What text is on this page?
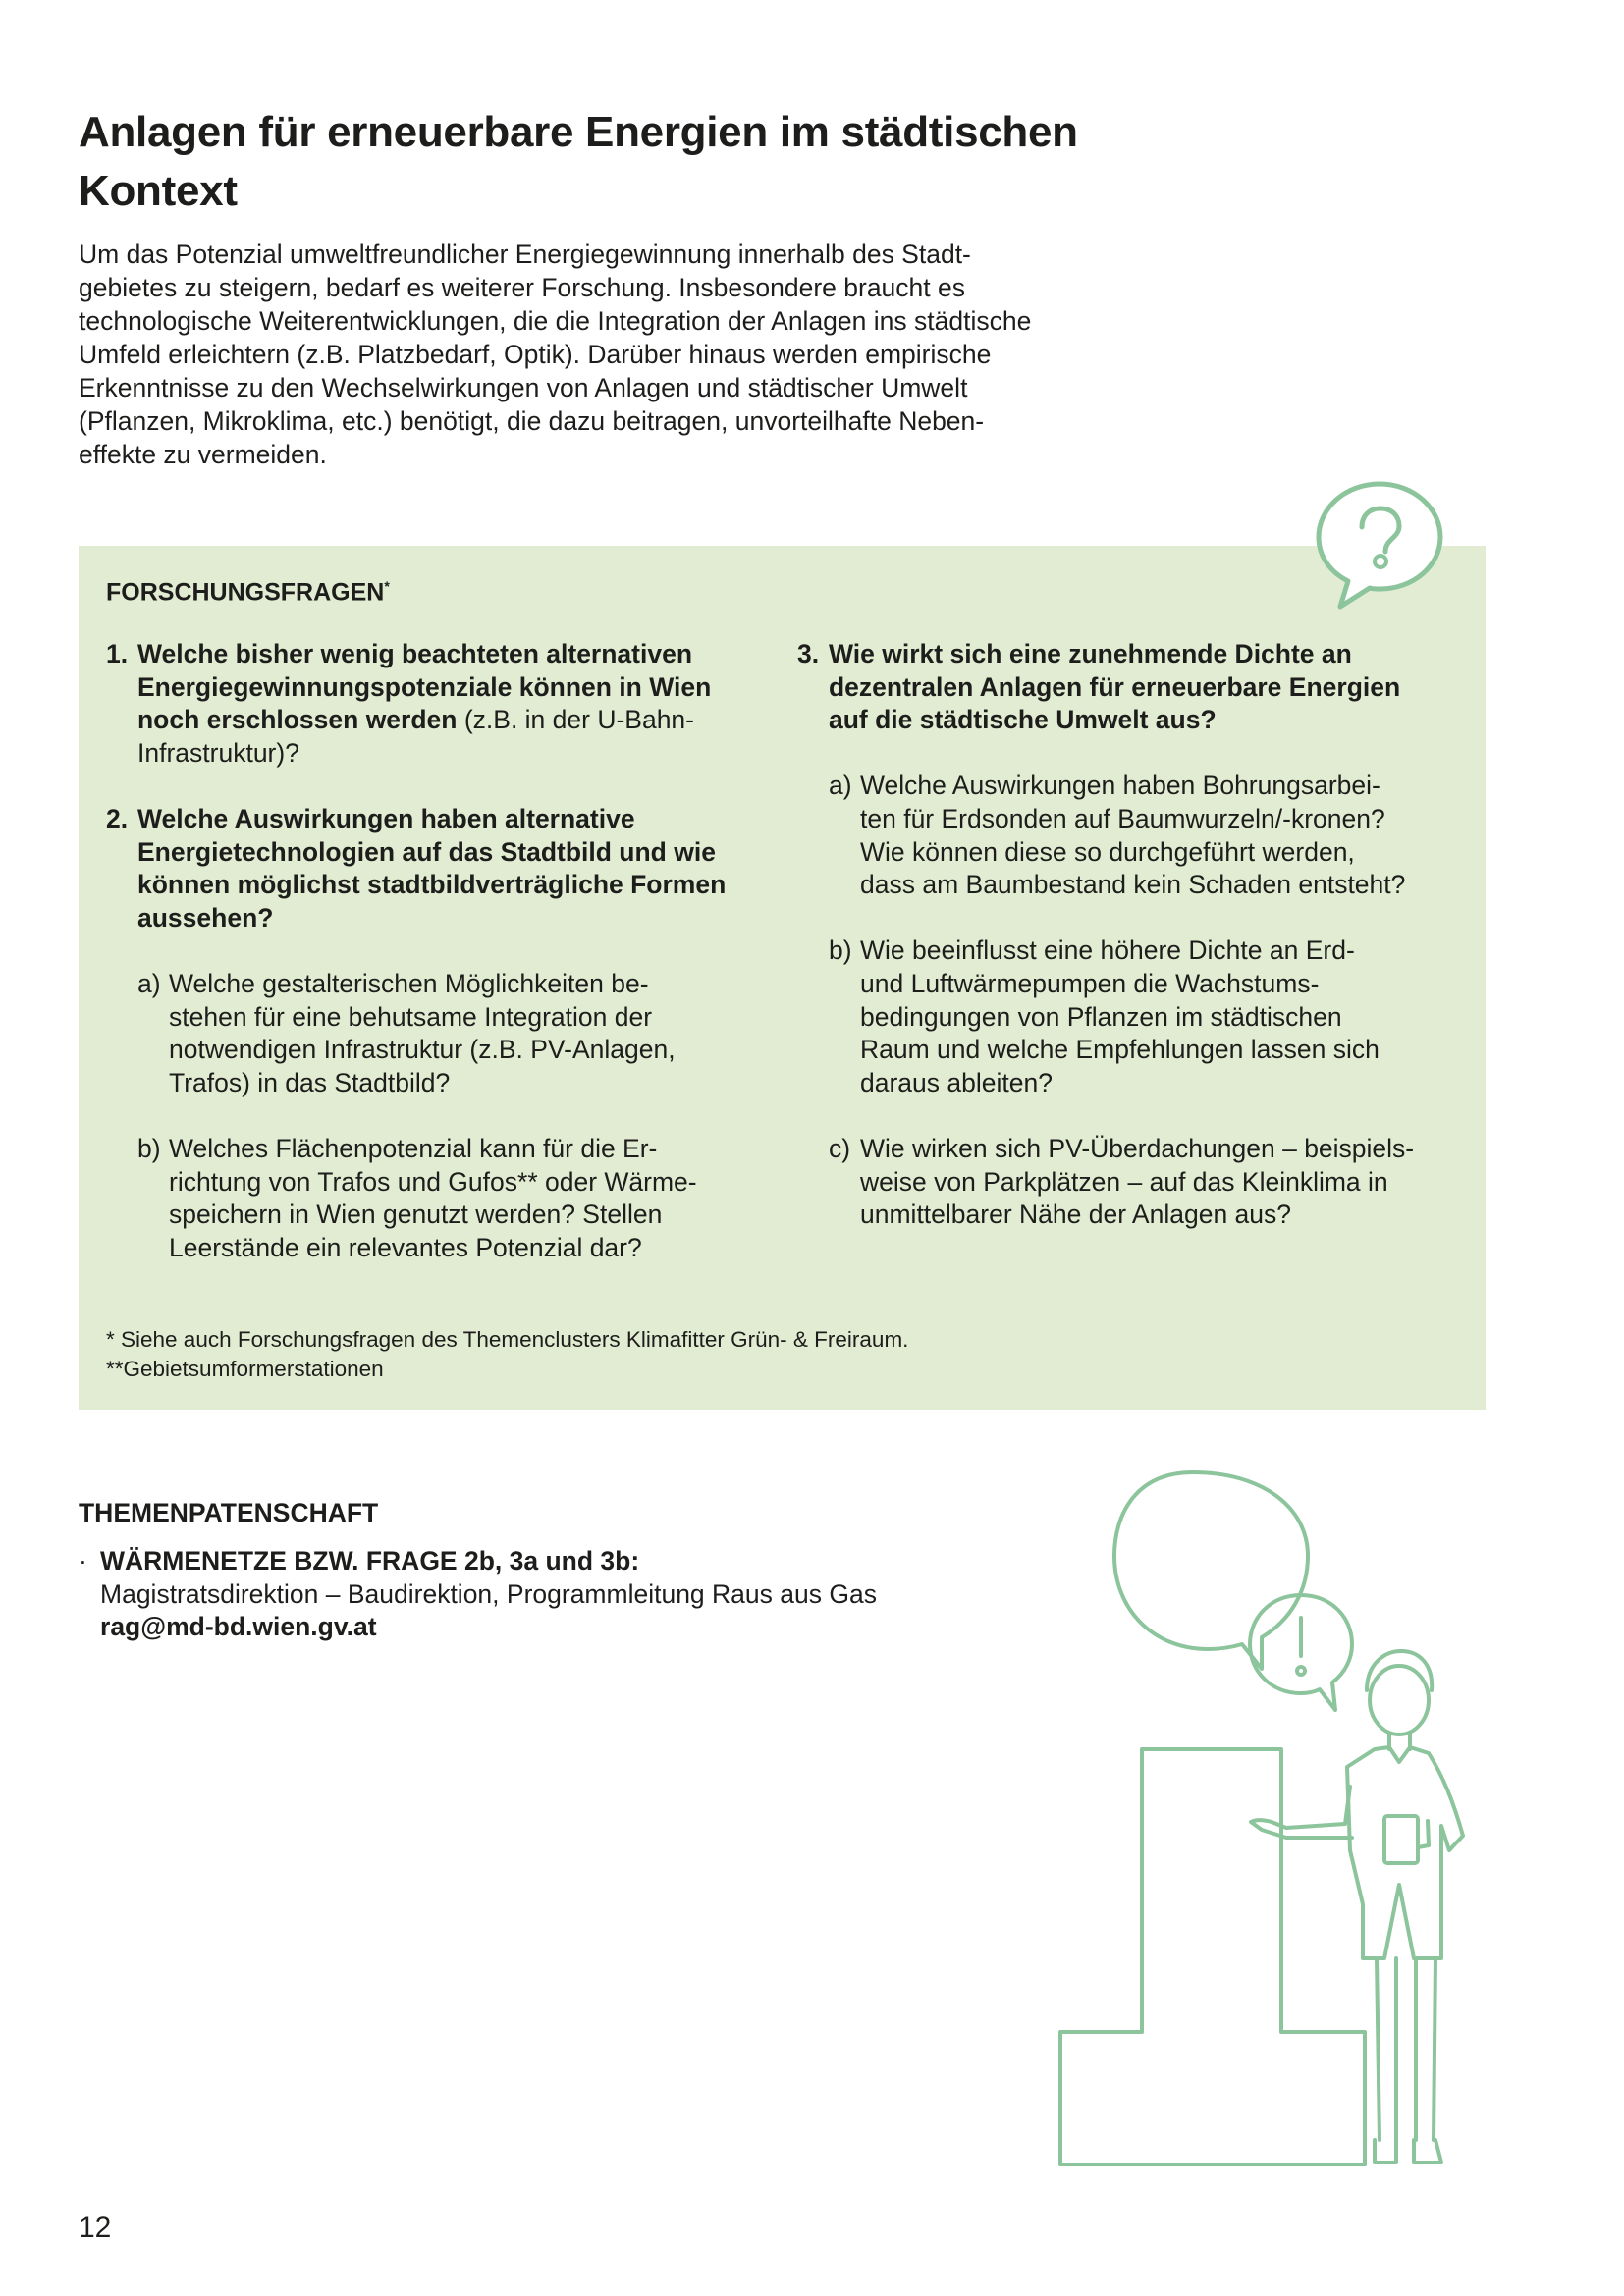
Anlagen für erneuerbare Energien im städtischen
Kontext

Um das Potenzial umweltfreundlicher Energiegewinnung innerhalb des Stadt-
gebietes zu steigern, bedarf es weiterer Forschung. Insbesondere braucht es
technologische Weiterentwicklungen, die die Integration der Anlagen ins städtische
Umfeld erleichtern (z.B. Platzbedarf, Optik). Darüber hinaus werden empirische
Erkenntnisse zu den Wechselwirkungen von Anlagen und städtischer Umwelt
(Pflanzen, Mikroklima, etc.) benötigt, die dazu beitragen, unvorteilhafte Neben-
effekte zu vermeiden.

FORSCHUNGSFRAGEN*
1. Welche bisher wenig beachteten alternativen
Energiegewinnungspotenziale können in Wien
noch erschlossen werden (z.B. in der U-Bahn-
Infrastruktur)?
2. Welche Auswirkungen haben alternative
Energietechnologien auf das Stadtbild und wie
können möglichst stadtbildverträgliche Formen
aussehen?
a) Welche gestalterischen Möglichkeiten be-
stehen für eine behutsame Integration der
notwendigen Infrastruktur (z.B. PV-Anlagen,
Trafos) in das Stadtbild?
b) Welches Flächenpotenzial kann für die Er-
richtung von Trafos und Gufos** oder Wärme-
speichern in Wien genutzt werden? Stellen
Leerstände ein relevantes Potenzial dar?
3. Wie wirkt sich eine zunehmende Dichte an
dezentralen Anlagen für erneuerbare Energien
auf die städtische Umwelt aus?
a) Welche Auswirkungen haben Bohrungsarbei-
ten für Erdsonden auf Baumwurzeln/-kronen?
Wie können diese so durchgeführt werden,
dass am Baumbestand kein Schaden entsteht?
b) Wie beeinflusst eine höhere Dichte an Erd-
und Luftwärmepumpen die Wachstums-
bedingungen von Pflanzen im städtischen
Raum und welche Empfehlungen lassen sich
daraus ableiten?
c) Wie wirken sich PV-Überdachungen – beispiels-
weise von Parkplätzen – auf das Kleinklima in
unmittelbarer Nähe der Anlagen aus?
* Siehe auch Forschungsfragen des Themenclusters Klimafitter Grün- & Freiraum.
**Gebietsumformerstationen
THEMENPATENSCHAFT
· WÄRMENETZE BZW. FRAGE 2b, 3a und 3b:
Magistratsdirektion – Baudirektion, Programmleitung Raus aus Gas
rag@md-bd.wien.gv.at
12
